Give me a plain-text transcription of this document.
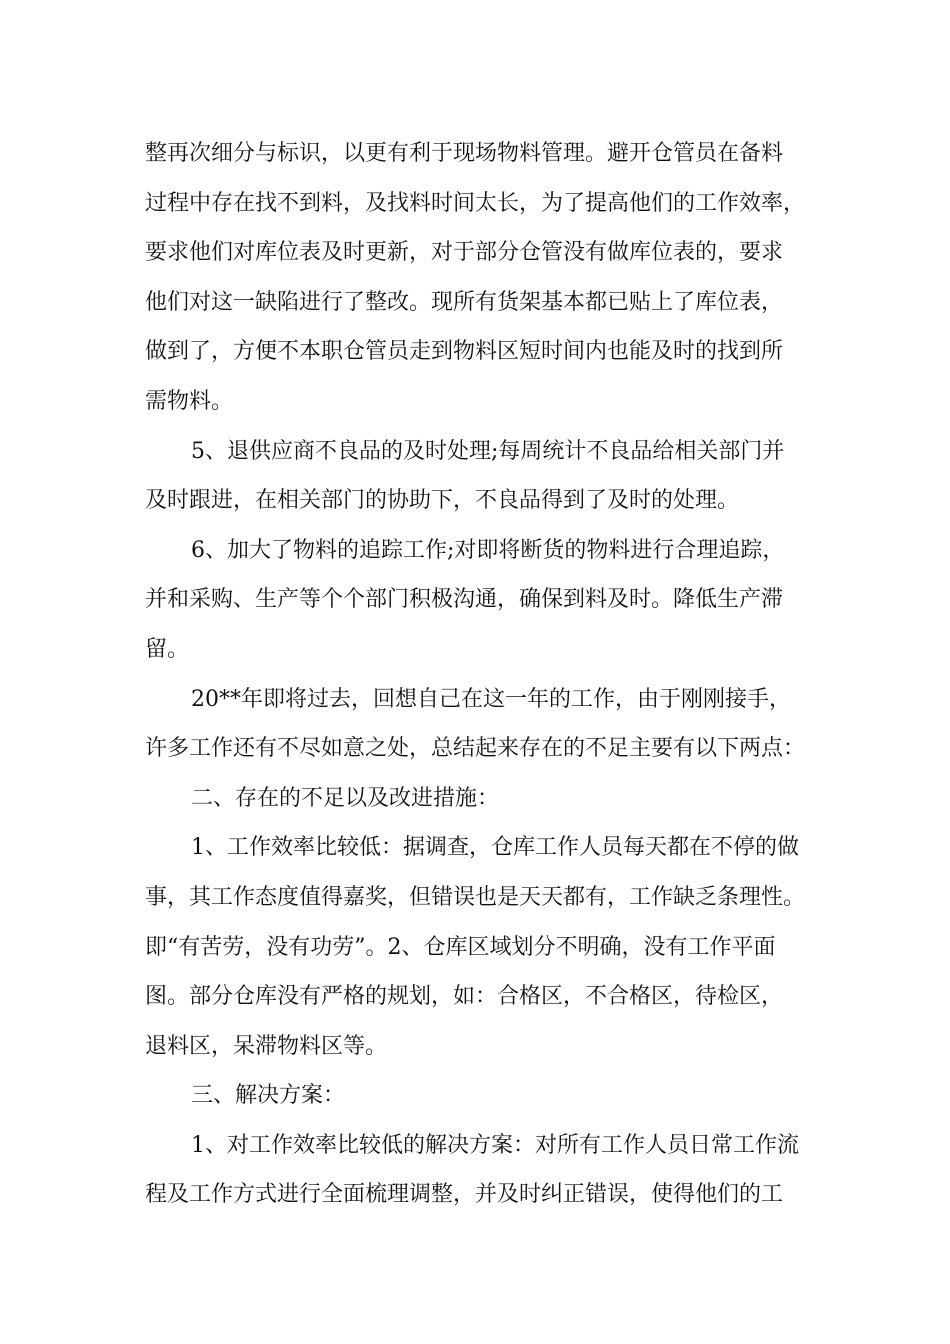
整再次细分与标识，以更有利于现场物料管理。避开仓管员在备料
过程中存在找不到料，及找料时间太长，为了提高他们的工作效率，
要求他们对库位表及时更新，对于部分仓管没有做库位表的，要求
他们对这一缺陷进行了整改。现所有货架基本都已贴上了库位表，
做到了，方便不本职仓管员走到物料区短时间内也能及时的找到所
需物料。
5、退供应商不良品的及时处理;每周统计不良品给相关部门并
及时跟进，在相关部门的协助下，不良品得到了及时的处理。
6、加大了物料的追踪工作;对即将断货的物料进行合理追踪，
并和采购、生产等个个部门积极沟通，确保到料及时。降低生产滞
留。
20**年即将过去，回想自己在这一年的工作，由于刚刚接手，
许多工作还有不尽如意之处，总结起来存在的不足主要有以下两点：
二、存在的不足以及改进措施：
1、工作效率比较低：据调查，仓库工作人员每天都在不停的做
事，其工作态度值得嘉奖，但错误也是天天都有，工作缺乏条理性。
即“有苦劳，没有功劳”。2、仓库区域划分不明确，没有工作平面
图。部分仓库没有严格的规划，如：合格区，不合格区，待检区，
退料区，呆滞物料区等。
三、解决方案：
1、对工作效率比较低的解决方案：对所有工作人员日常工作流
程及工作方式进行全面梳理调整，并及时纠正错误，使得他们的工
